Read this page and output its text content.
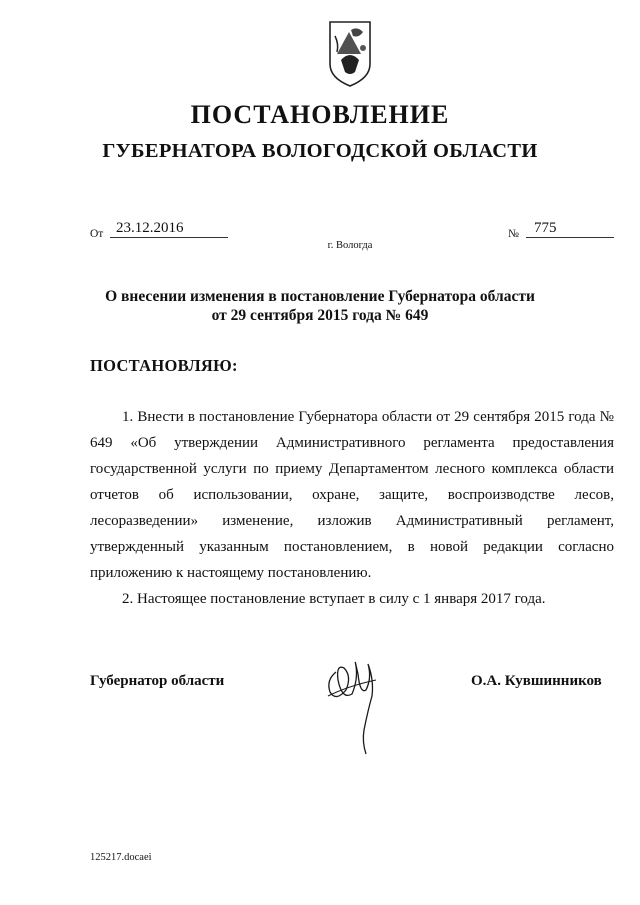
ПОСТАНОВЛЕНИЕ
ГУБЕРНАТОРА ВОЛОГОДСКОЙ ОБЛАСТИ
От 23.12.2016	№	775
г. Вологда
О внесении изменения в постановление Губернатора области
от 29 сентября 2015 года № 649
ПОСТАНОВЛЯЮ:

1. Внести в постановление Губернатора области от 29 сентября 2015 года № 649 «Об утверждении Административного регламента предоставления государственной услуги по приему Департаментом лесного комплекса области отчетов об использовании, охране, защите, воспроизводстве лесов, лесоразведении» изменение, изложив Административный регламент, утвержденный указанным постановлением, в новой редакции согласно приложению к настоящему постановлению.

2. Настоящее постановление вступает в силу с 1 января 2017 года.

Губернатор области	О.А. Кувшинников
125217.docaei
